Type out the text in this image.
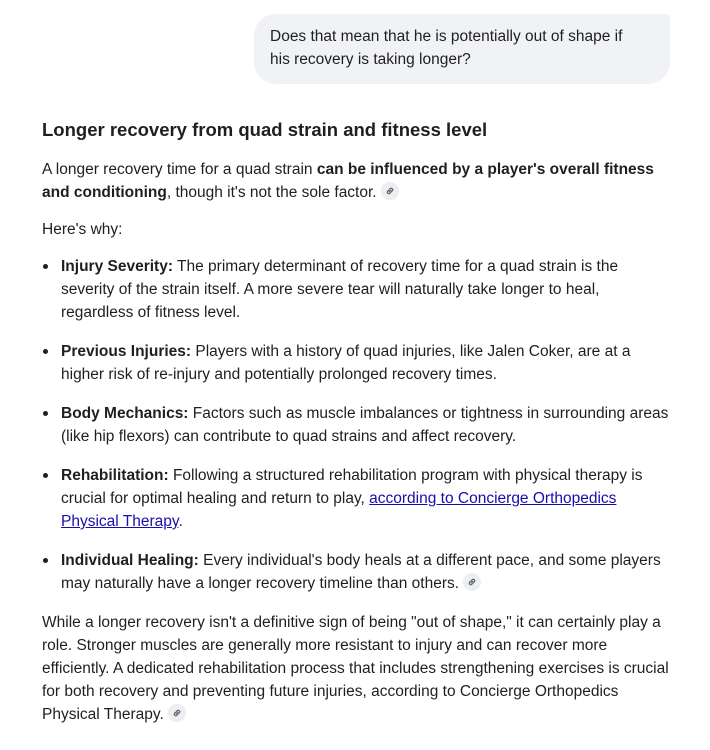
Does that mean that he is potentially out of shape if
his recovery is taking longer?
Longer recovery from quad strain and fitness level

A longer recovery time for a quad strain can be influenced by a player's overall fitness and conditioning, though it's not the sole factor.

Here's why:

Injury Severity: The primary determinant of recovery time for a quad strain is the severity of the strain itself. A more severe tear will naturally take longer to heal, regardless of fitness level.
Previous Injuries: Players with a history of quad injuries, like Jalen Coker, are at a higher risk of re-injury and potentially prolonged recovery times.
Body Mechanics: Factors such as muscle imbalances or tightness in surrounding areas (like hip flexors) can contribute to quad strains and affect recovery.
Rehabilitation: Following a structured rehabilitation program with physical therapy is crucial for optimal healing and return to play, according to Concierge Orthopedics Physical Therapy.
Individual Healing: Every individual's body heals at a different pace, and some players may naturally have a longer recovery timeline than others.

While a longer recovery isn't a definitive sign of being "out of shape," it can certainly play a role. Stronger muscles are generally more resistant to injury and can recover more efficiently. A dedicated rehabilitation process that includes strengthening exercises is crucial for both recovery and preventing future injuries, according to Concierge Orthopedics Physical Therapy.
